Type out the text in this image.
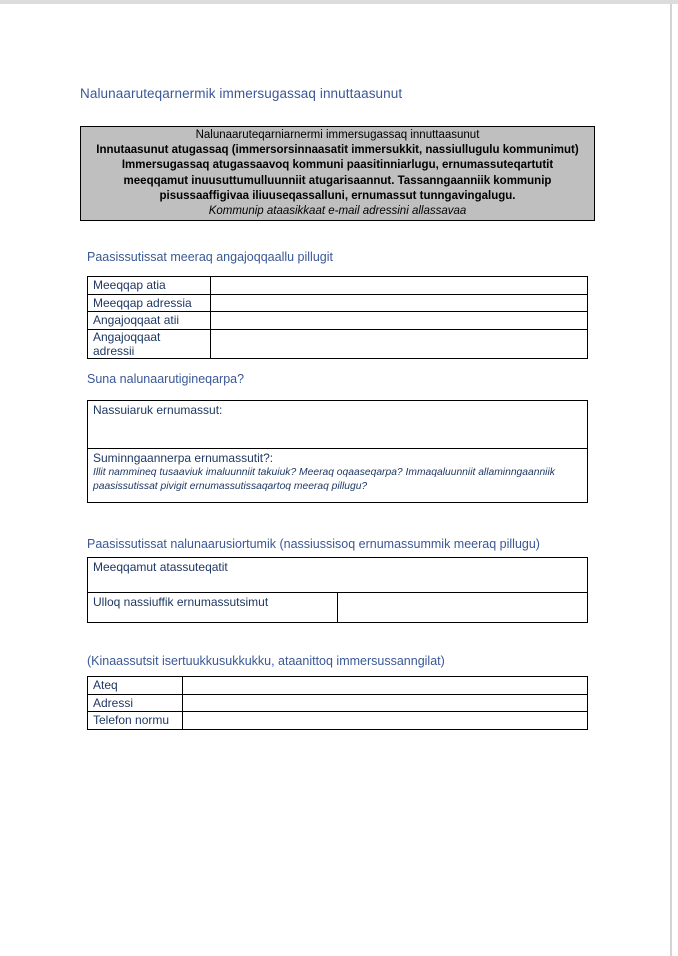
Nalunaaruteqarnermik immersugassaq innuttaasunut
Nalunaaruteqarniarnermi immersugassaq innuttaasunut
Innutaasunut atugassaq (immersorsinnaasatit immersukkit, nassiullugulu kommunimut)
Immersugassaq atugassaavoq kommuni paasitinniarlugu, ernumassuteqartutit meeqqamut inuusuttumulluunniit atugarisaannut. Tassanngaanniik kommunip pisussaaffigivaa iliuuseqassalluni, ernumassut tunngavingalugu.
Kommunip ataasikkaat e-mail adressini allassavaa
Paasissutissat meeraq angajoqqaallu pillugit
Meeqqap atia	
Meeqqap adressia	
Angajoqqaat atii	
Angajoqqaat adressii	
Suna nalunaarutigineqarpa?
Nassuiaruk ernumassut:

Suminngaannerpa ernumassutit?:
Illit nammineq tusaaviuk imaluunniit takuiuk? Meeraq oqaaseqarpa? Immaqaluunniit allaminngaanniik paasissutissat pivigit ernumassutissaqartoq meeraq pillugu?
Paasissutissat nalunaarusiortumik (nassiussisoq ernumassummik meeraq pillugu)
Meeqqamut atassuteqatit
Ulloq nassiuffik ernumassutsimut	
(Kinaassutsit isertuukkusukkukku, ataanittoq immersussanngilat)
Ateq	
Adressi	
Telefon normu	
